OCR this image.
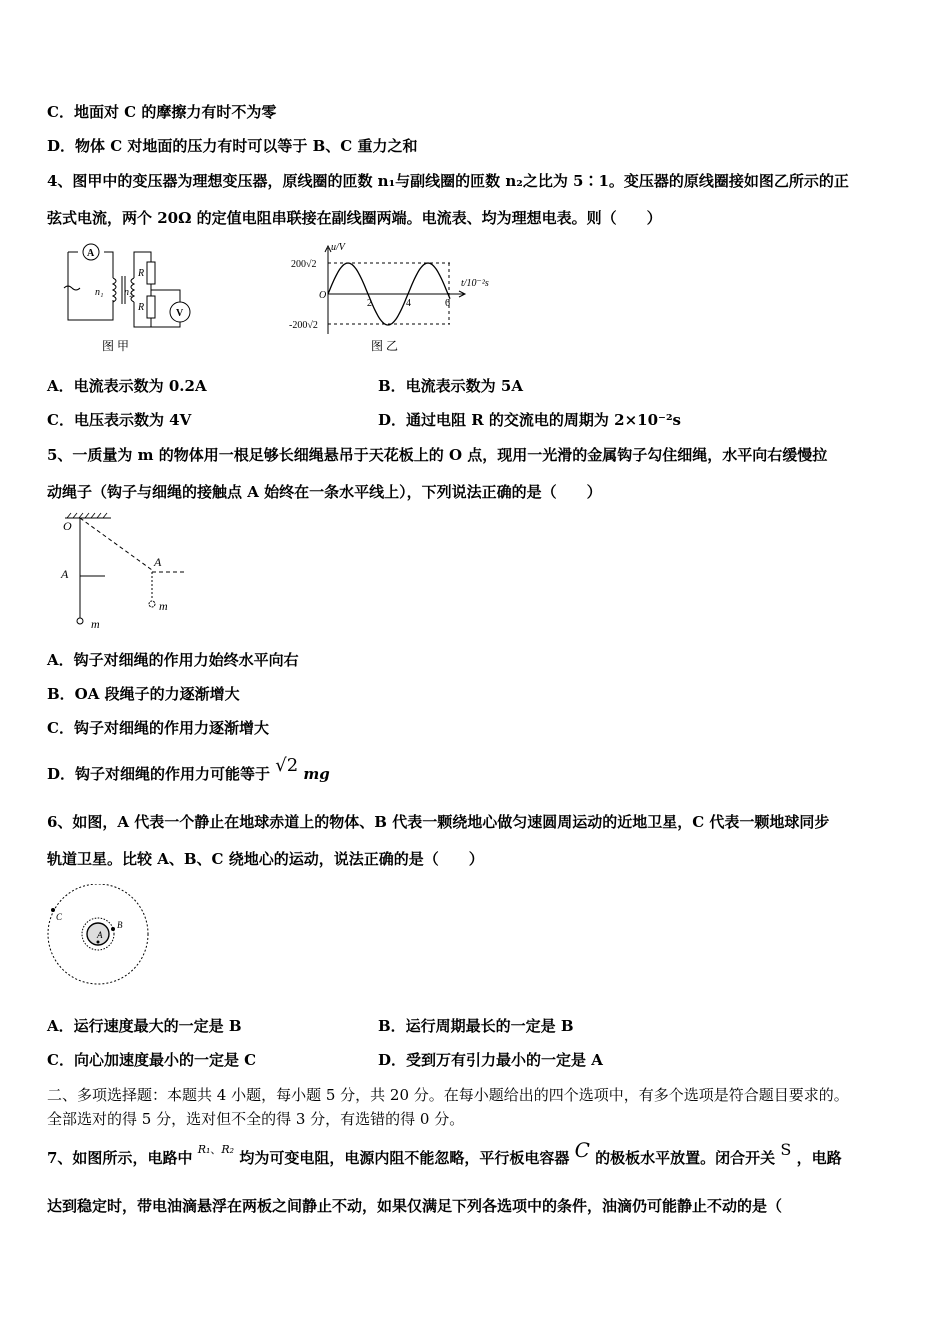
C．地面对 C 的摩擦力有时不为零
D．物体 C 对地面的压力有时可以等于 B、C 重力之和
4、图甲中的变压器为理想变压器，原线圈的匝数 n₁与副线圈的匝数 n₂之比为 5∶1。变压器的原线圈接如图乙所示的正
弦式电流，两个 20Ω 的定值电阻串联接在副线圈两端。电流表、均为理想电表。则（　　）
A
V
n₁ n₂
R
R
图 甲
u/V
t/10⁻²s
200√2
-200√2
O
2	4	6
图 乙
A．电流表示数为 0.2A	B．电流表示数为 5A
C．电压表示数为 4V	D．通过电阻 R 的交流电的周期为 2×10⁻²s
5、一质量为 m 的物体用一根足够长细绳悬吊于天花板上的 O 点，现用一光滑的金属钩子勾住细绳，水平向右缓慢拉
动绳子（钩子与细绳的接触点 A 始终在一条水平线上），下列说法正确的是（　　）
O
A
A
m
m
A．钩子对细绳的作用力始终水平向右
B．OA 段绳子的力逐渐增大
C．钩子对细绳的作用力逐渐增大
D．钩子对细绳的作用力可能等于 √2 mg
6、如图，A 代表一个静止在地球赤道上的物体、B 代表一颗绕地心做匀速圆周运动的近地卫星，C 代表一颗地球同步
轨道卫星。比较 A、B、C 绕地心的运动，说法正确的是（　　）
C
B
A
A．运行速度最大的一定是 B	B．运行周期最长的一定是 B
C．向心加速度最小的一定是 C	D．受到万有引力最小的一定是 A
二、多项选择题：本题共 4 小题，每小题 5 分，共 20 分。在每小题给出的四个选项中，有多个选项是符合题目要求的。
全部选对的得 5 分，选对但不全的得 3 分，有选错的得 0 分。
7、如图所示，电路中 $^{R_1、R_2}$ 均为可变电阻，电源内阻不能忽略，平行板电容器 C 的极板水平放置。闭合开关 S ，电路
达到稳定时，带电油滴悬浮在两板之间静止不动，如果仅满足下列各选项中的条件，油滴仍可能静止不动的是（
